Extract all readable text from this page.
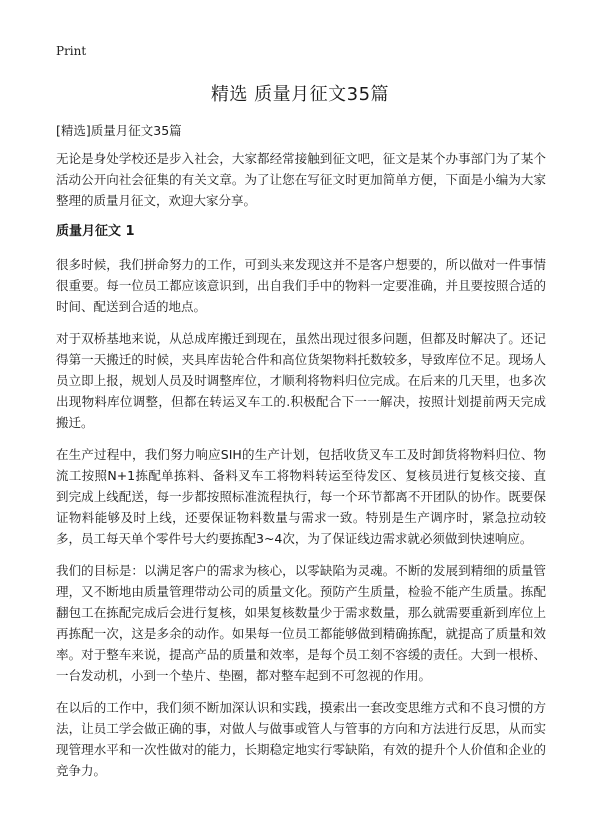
Print
精选 质量月征文35篇

[精选]质量月征文35篇

无论是身处学校还是步入社会，大家都经常接触到征文吧，征文是某个办事部门为了某个活动公开向社会征集的有关文章。为了让您在写征文时更加简单方便，下面是小编为大家整理的质量月征文，欢迎大家分享。

质量月征文 1

很多时候，我们拼命努力的工作，可到头来发现这并不是客户想要的，所以做对一件事情很重要。每一位员工都应该意识到，出自我们手中的物料一定要准确，并且要按照合适的时间、配送到合适的地点。

对于双桥基地来说，从总成库搬迁到现在，虽然出现过很多问题，但都及时解决了。还记得第一天搬迁的时候，夹具库齿轮合件和高位货架物料托数较多，导致库位不足。现场人员立即上报，规划人员及时调整库位，才顺利将物料归位完成。在后来的几天里，也多次出现物料库位调整，但都在转运叉车工的.积极配合下一一解决，按照计划提前两天完成搬迁。

在生产过程中，我们努力响应SIH的生产计划，包括收货叉车工及时卸货将物料归位、物流工按照N+1拣配单拣料、备料叉车工将物料转运至待发区、复核员进行复核交接、直到完成上线配送，每一步都按照标准流程执行，每一个环节都离不开团队的协作。既要保证物料能够及时上线，还要保证物料数量与需求一致。特别是生产调序时，紧急拉动较多，员工每天单个零件号大约要拣配3~4次，为了保证线边需求就必须做到快速响应。

我们的目标是：以满足客户的需求为核心，以零缺陷为灵魂。不断的发展到精细的质量管理，又不断地由质量管理带动公司的质量文化。预防产生质量，检验不能产生质量。拣配翻包工在拣配完成后会进行复核，如果复核数量少于需求数量，那么就需要重新到库位上再拣配一次，这是多余的动作。如果每一位员工都能够做到精确拣配，就提高了质量和效率。对于整车来说，提高产品的质量和效率，是每个员工刻不容缓的责任。大到一根桥、一台发动机，小到一个垫片、垫圈，都对整车起到不可忽视的作用。

在以后的工作中，我们须不断加深认识和实践，摸索出一套改变思维方式和不良习惯的方法，让员工学会做正确的事，对做人与做事或管人与管事的方向和方法进行反思，从而实现管理水平和一次性做对的能力，长期稳定地实行零缺陷，有效的提升个人价值和企业的竞争力。
